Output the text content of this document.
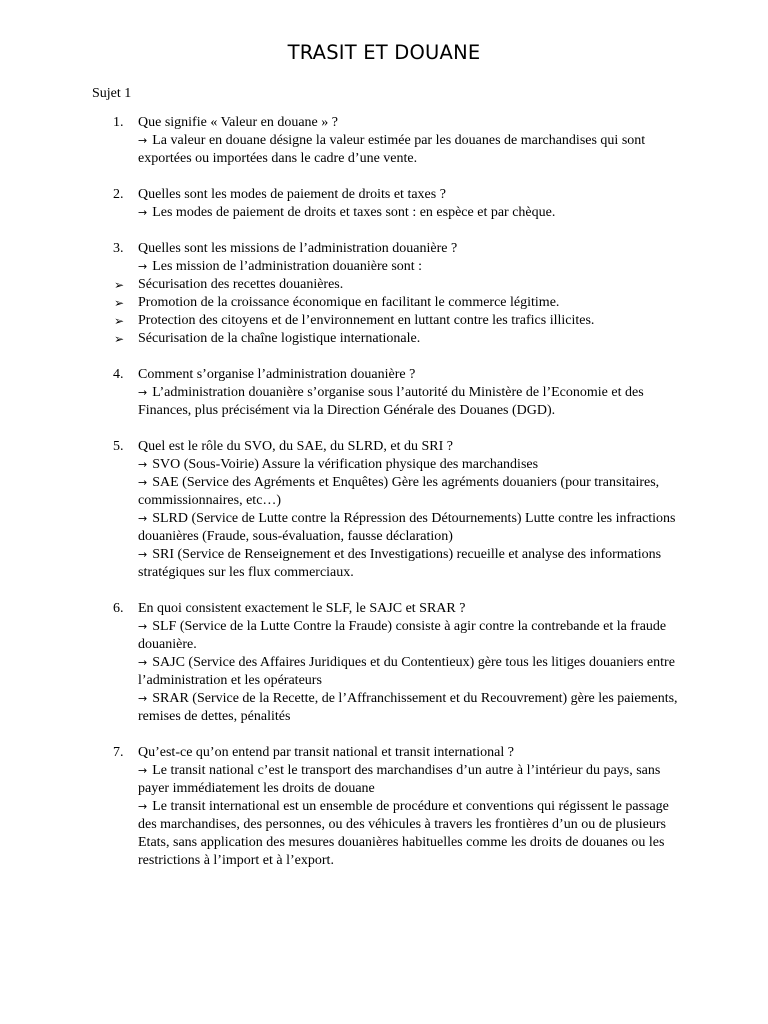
TRASIT ET DOUANE
Sujet 1
1. Que signifie « Valeur en douane » ?
→ La valeur en douane désigne la valeur estimée par les douanes de marchandises qui sont exportées ou importées dans le cadre d’une vente.
2. Quelles sont les modes de paiement de droits et taxes ?
→ Les modes de paiement de droits et taxes sont : en espèce et par chèque.
3. Quelles sont les missions de l’administration douanière ?
→ Les mission de l’administration douanière sont :
➢ Sécurisation des recettes douanières.
➢ Promotion de la croissance économique en facilitant le commerce légitime.
➢ Protection des citoyens et de l’environnement en luttant contre les trafics illicites.
➢ Sécurisation de la chaîne logistique internationale.
4. Comment s’organise l’administration douanière ?
→ L’administration douanière s’organise sous l’autorité du Ministère de l’Economie et des Finances, plus précisément via la Direction Générale des Douanes (DGD).
5. Quel est le rôle du SVO, du SAE, du SLRD, et du SRI ?
→ SVO (Sous-Voirie) Assure la vérification physique des marchandises
→ SAE (Service des Agréments et Enquêtes) Gère les agréments douaniers (pour transitaires, commissionnaires, etc…)
→ SLRD (Service de Lutte contre la Répression des Détournements) Lutte contre les infractions douanières (Fraude, sous-évaluation, fausse déclaration)
→ SRI (Service de Renseignement et des Investigations) recueille et analyse des informations stratégiques sur les flux commerciaux.
6. En quoi consistent exactement le SLF, le SAJC et SRAR ?
→ SLF (Service de la Lutte Contre la Fraude) consiste à agir contre la contrebande et la fraude douanière.
→ SAJC (Service des Affaires Juridiques et du Contentieux) gère tous les litiges douaniers entre l’administration et les opérateurs
→ SRAR (Service de la Recette, de l’Affranchissement et du Recouvrement) gère les paiements, remises de dettes, pénalités
7. Qu’est-ce qu’on entend par transit national et transit international ?
→ Le transit national c’est le transport des marchandises d’un autre à l’intérieur du pays, sans payer immédiatement les droits de douane
→ Le transit international est un ensemble de procédure et conventions qui régissent le passage des marchandises, des personnes, ou des véhicules à travers les frontières d’un ou de plusieurs Etats, sans application des mesures douanières habituelles comme les droits de douanes ou les restrictions à l’import et à l’export.
